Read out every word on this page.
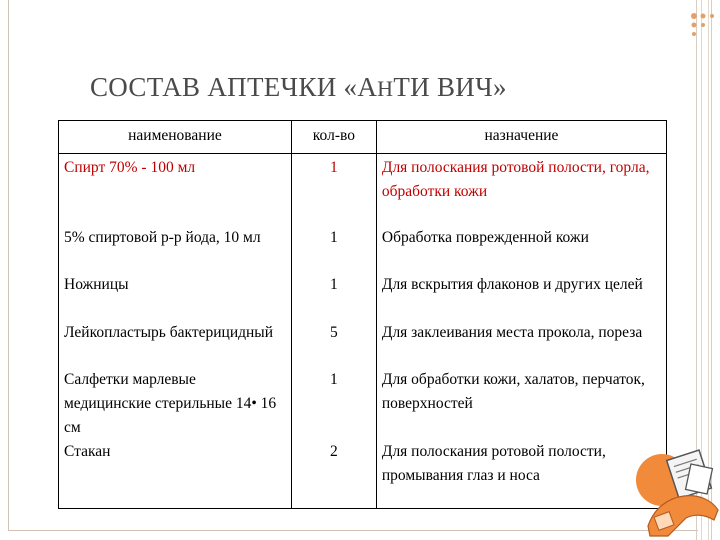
СОСТАВ АПТЕЧКИ «АНТИ ВИЧ»
наименование	кол-во	назначение
Спирт 70% - 100 мл	1	Для полоскания ротовой полости, горла, обработки кожи
5% спиртовой р-р йода, 10 мл	1	Обработка поврежденной кожи
Ножницы	1	Для вскрытия флаконов и других целей
Лейкопластырь бактерицидный	5	Для заклеивания места прокола, пореза
Салфетки марлевые медицинские стерильные 14• 16 см	1	Для обработки кожи, халатов, перчаток, поверхностей
Стакан	2	Для полоскания ротовой полости, промывания глаз и носа
